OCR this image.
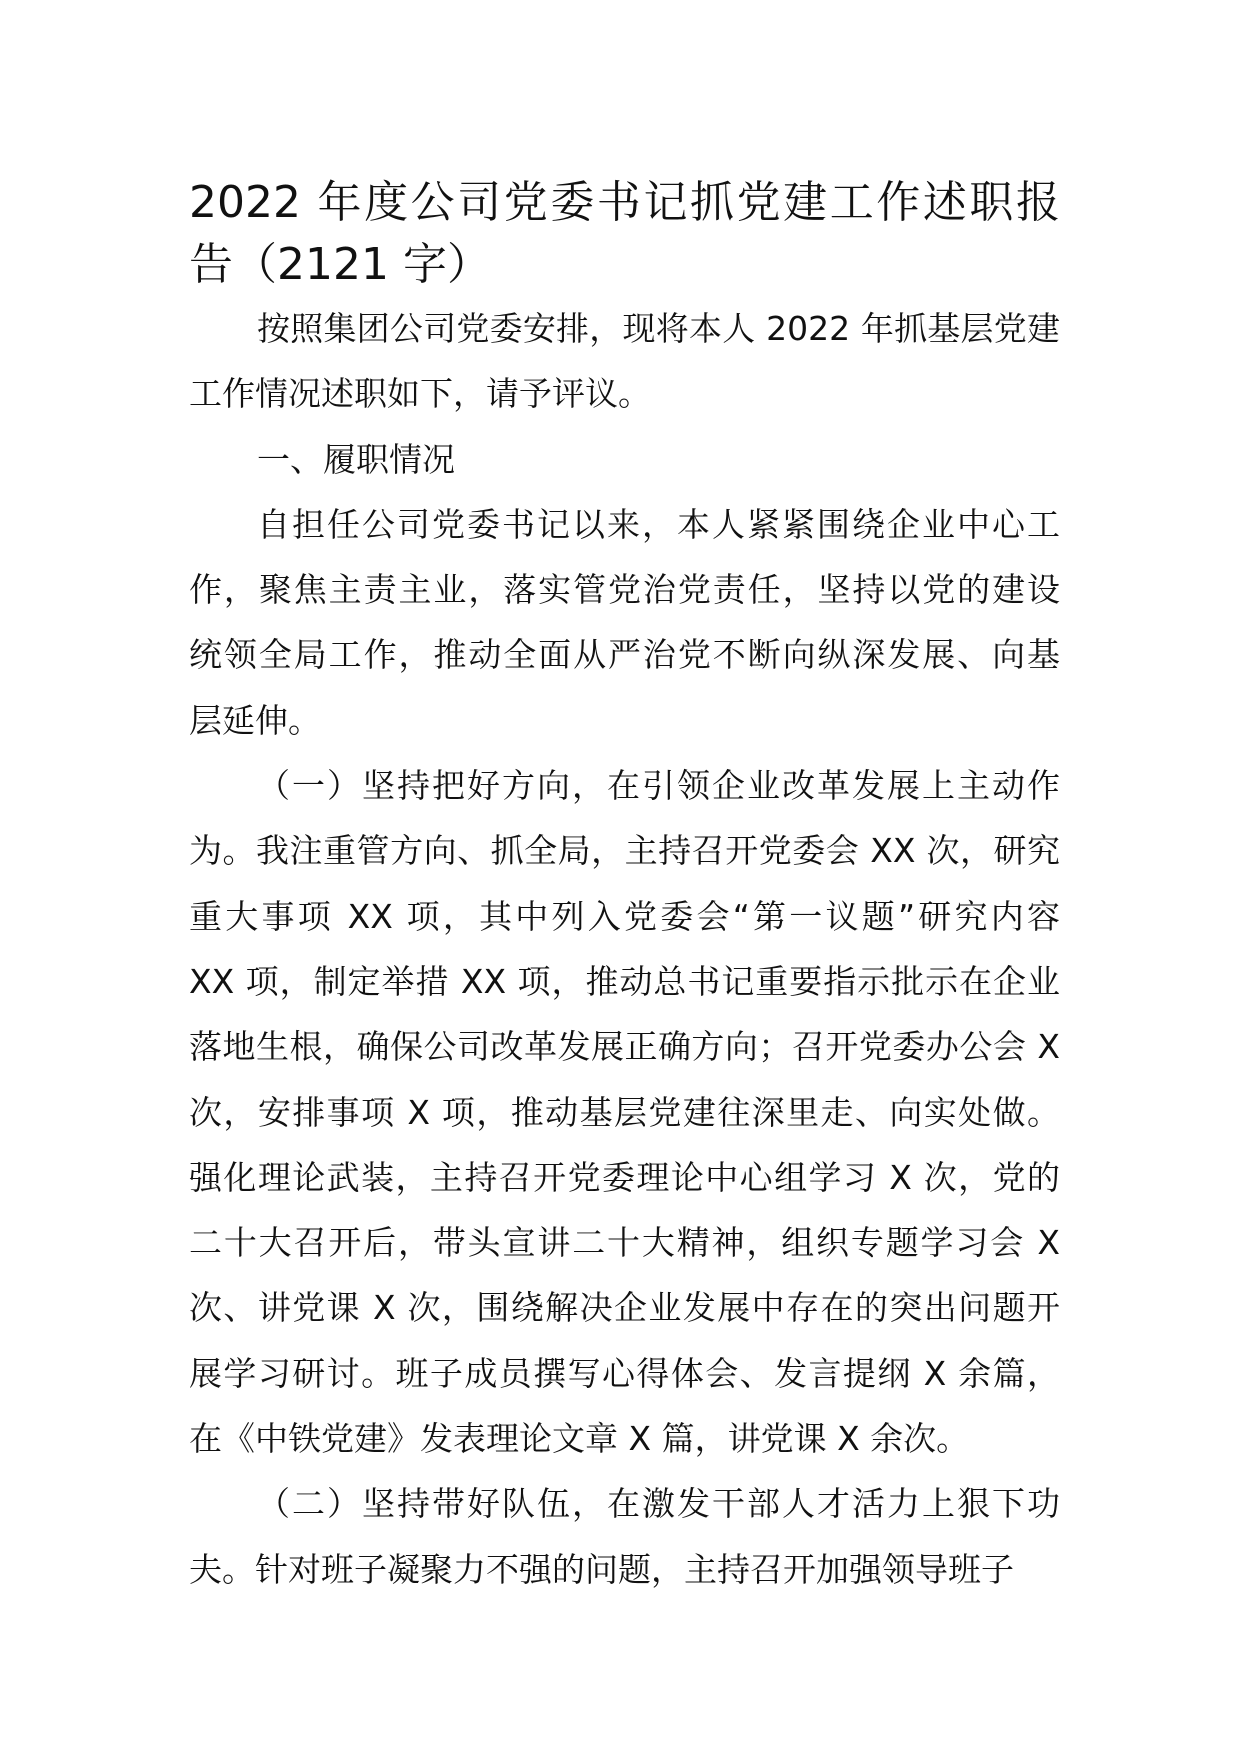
2022 年度公司党委书记抓党建工作述职报
告（2121 字）
按照集团公司党委安排，现将本人 2022 年抓基层党建
工作情况述职如下，请予评议。
一、履职情况
自担任公司党委书记以来，本人紧紧围绕企业中心工
作，聚焦主责主业，落实管党治党责任，坚持以党的建设
统领全局工作，推动全面从严治党不断向纵深发展、向基
层延伸。
（一）坚持把好方向，在引领企业改革发展上主动作
为。我注重管方向、抓全局，主持召开党委会 XX 次，研究
重大事项 XX 项，其中列入党委会“第一议题”研究内容
XX 项，制定举措 XX 项，推动总书记重要指示批示在企业
落地生根，确保公司改革发展正确方向；召开党委办公会 X
次，安排事项 X 项，推动基层党建往深里走、向实处做。
强化理论武装，主持召开党委理论中心组学习 X 次，党的
二十大召开后，带头宣讲二十大精神，组织专题学习会 X
次、讲党课 X 次，围绕解决企业发展中存在的突出问题开
展学习研讨。班子成员撰写心得体会、发言提纲 X 余篇，
在《中铁党建》发表理论文章 X 篇，讲党课 X 余次。
（二）坚持带好队伍，在激发干部人才活力上狠下功
夫。针对班子凝聚力不强的问题，主持召开加强领导班子
